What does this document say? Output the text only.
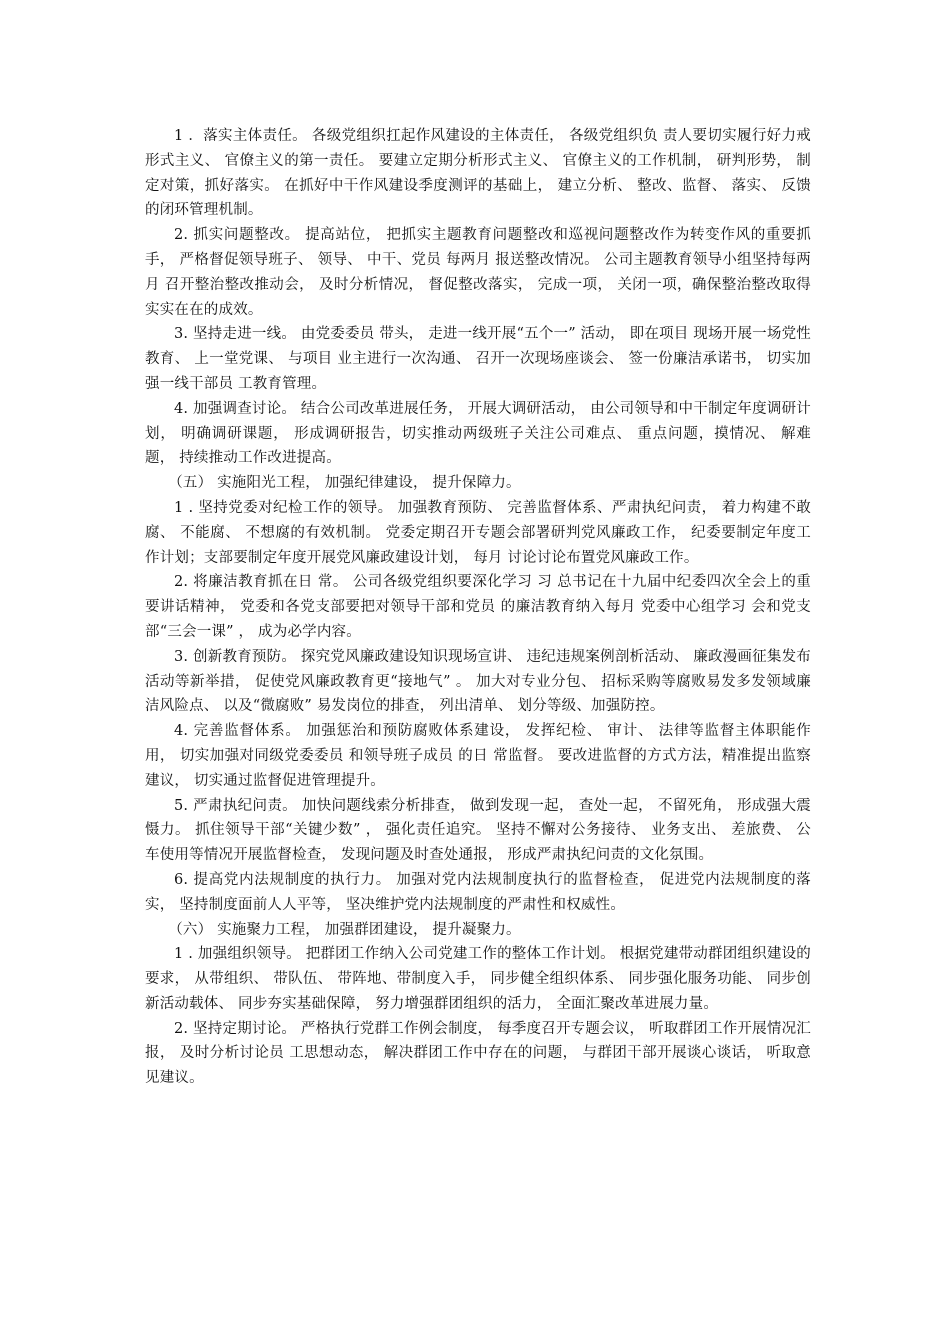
1 ．落实主体责任。 各级党组织扛起作风建设的主体责任， 各级党组织负 责人要切实履行好力戒形式主义、 官僚主义的第一责任。 要建立定期分析形式主义、 官僚主义的工作机制， 研判形势， 制定对策，抓好落实。 在抓好中干作风建设季度测评的基础上， 建立分析、 整改、监督、 落实、 反馈的闭环管理机制。

2. 抓实问题整改。 提高站位， 把抓实主题教育问题整改和巡视问题整改作为转变作风的重要抓手， 严格督促领导班子、 领导、 中干、党员 每两月 报送整改情况。 公司主题教育领导小组坚持每两月 召开整治整改推动会， 及时分析情况， 督促整改落实， 完成一项， 关闭一项，确保整治整改取得实实在在的成效。

3. 坚持走进一线。 由党委委员 带头， 走进一线开展“五个一” 活动， 即在项目 现场开展一场党性教育、 上一堂党课、 与项目 业主进行一次沟通、 召开一次现场座谈会、 签一份廉洁承诺书， 切实加强一线干部员 工教育管理。

4. 加强调查讨论。 结合公司改革进展任务， 开展大调研活动， 由公司领导和中干制定年度调研计划， 明确调研课题， 形成调研报告，切实推动两级班子关注公司难点、 重点问题，摸情况、 解难题， 持续推动工作改进提高。

（五） 实施阳光工程， 加强纪律建设， 提升保障力。

1 . 坚持党委对纪检工作的领导。 加强教育预防、 完善监督体系、严肃执纪问责， 着力构建不敢腐、 不能腐、 不想腐的有效机制。 党委定期召开专题会部署研判党风廉政工作， 纪委要制定年度工作计划；支部要制定年度开展党风廉政建设计划， 每月 讨论讨论布置党风廉政工作。

2. 将廉洁教育抓在日 常。 公司各级党组织要深化学习 习 总书记在十九届中纪委四次全会上的重要讲话精神， 党委和各党支部要把对领导干部和党员 的廉洁教育纳入每月 党委中心组学习 会和党支部“三会一课” ， 成为必学内容。

3. 创新教育预防。 探究党风廉政建设知识现场宣讲、 违纪违规案例剖析活动、 廉政漫画征集发布活动等新举措， 促使党风廉政教育更“接地气” 。 加大对专业分包、 招标采购等腐败易发多发领域廉洁风险点、 以及“微腐败” 易发岗位的排查， 列出清单、 划分等级、加强防控。

4. 完善监督体系。 加强惩治和预防腐败体系建设， 发挥纪检、 审计、 法律等监督主体职能作用， 切实加强对同级党委委员 和领导班子成员 的日 常监督。 要改进监督的方式方法，精准提出监察建议， 切实通过监督促进管理提升。

5. 严肃执纪问责。 加快问题线索分析排查， 做到发现一起， 查处一起， 不留死角， 形成强大震慑力。 抓住领导干部“关键少数” ， 强化责任追究。 坚持不懈对公务接待、 业务支出、 差旅费、 公车使用等情况开展监督检查， 发现问题及时查处通报， 形成严肃执纪问责的文化氛围。

6. 提高党内法规制度的执行力。 加强对党内法规制度执行的监督检查， 促进党内法规制度的落实， 坚持制度面前人人平等， 坚决维护党内法规制度的严肃性和权威性。

（六） 实施聚力工程， 加强群团建设， 提升凝聚力。

1 . 加强组织领导。 把群团工作纳入公司党建工作的整体工作计划。 根据党建带动群团组织建设的要求， 从带组织、 带队伍、 带阵地、带制度入手， 同步健全组织体系、 同步强化服务功能、 同步创新活动载体、 同步夯实基础保障， 努力增强群团组织的活力， 全面汇聚改革进展力量。

2. 坚持定期讨论。 严格执行党群工作例会制度， 每季度召开专题会议， 听取群团工作开展情况汇报， 及时分析讨论员 工思想动态， 解决群团工作中存在的问题， 与群团干部开展谈心谈话， 听取意见建议。
